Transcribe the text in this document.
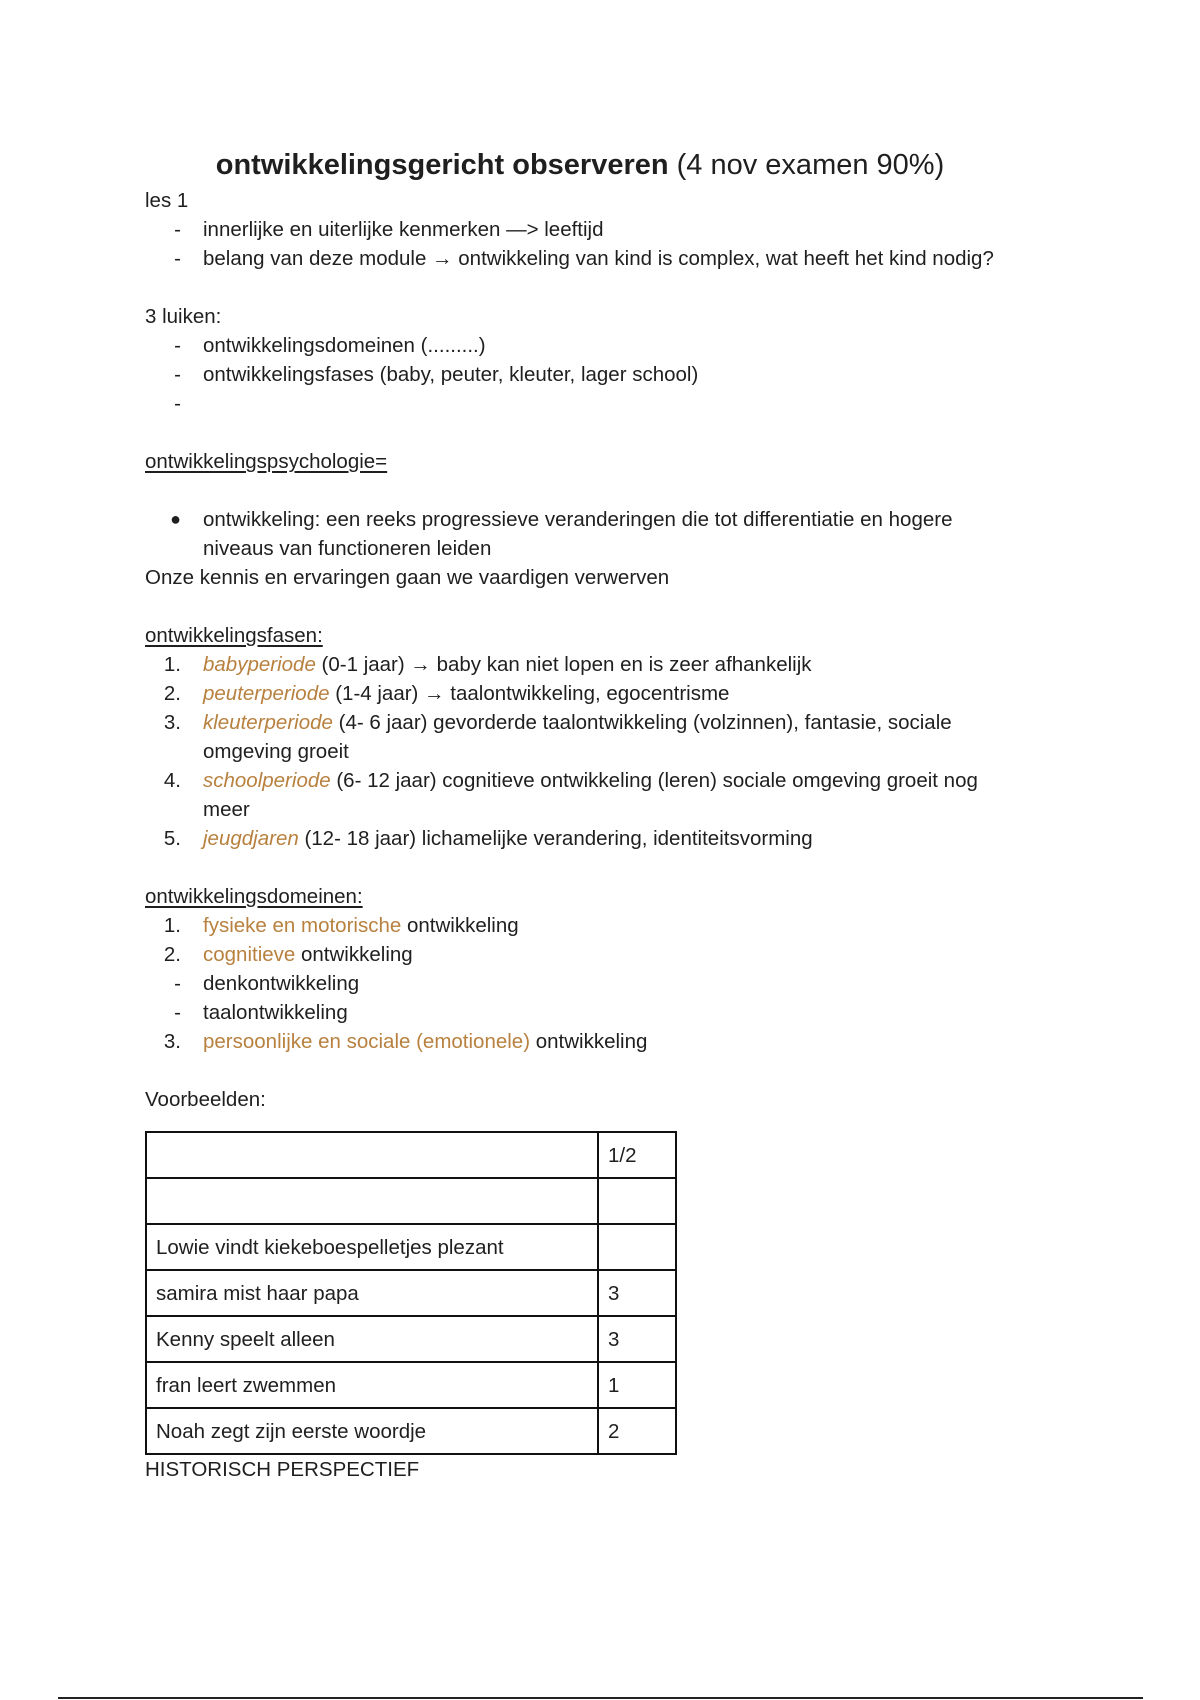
ontwikkelingsgericht observeren (4 nov examen 90%)
les 1
-	innerlijke en uiterlijke kenmerken —> leeftijd
-	belang van deze module → ontwikkeling van kind is complex, wat heeft het kind nodig?
3 luiken:
-	ontwikkelingsdomeinen (.........)
-	ontwikkelingsfases (baby, peuter, kleuter, lager school)
-
ontwikkelingspsychologie=
●	ontwikkeling: een reeks progressieve veranderingen die tot differentiatie en hogere niveaus van functioneren leiden
Onze kennis en ervaringen gaan we vaardigen verwerven
ontwikkelingsfasen:
1.	babyperiode (0-1 jaar) → baby kan niet lopen en is zeer afhankelijk
2.	peuterperiode (1-4 jaar) → taalontwikkeling, egocentrisme
3.	kleuterperiode (4- 6 jaar) gevorderde taalontwikkeling (volzinnen), fantasie, sociale omgeving groeit
4.	schoolperiode (6- 12 jaar) cognitieve ontwikkeling (leren) sociale omgeving groeit nog meer
5.	jeugdjaren (12- 18 jaar) lichamelijke verandering, identiteitsvorming
ontwikkelingsdomeinen:
1.	fysieke en motorische ontwikkeling
2.	cognitieve ontwikkeling
-	denkontwikkeling
-	taalontwikkeling
3.	persoonlijke en sociale (emotionele) ontwikkeling
Voorbeelden:
	1/2

Lowie vindt kiekeboespelletjes plezant	
samira mist haar papa	3
Kenny speelt alleen	3
fran leert zwemmen	1
Noah zegt zijn eerste woordje	2
HISTORISCH PERSPECTIEF
